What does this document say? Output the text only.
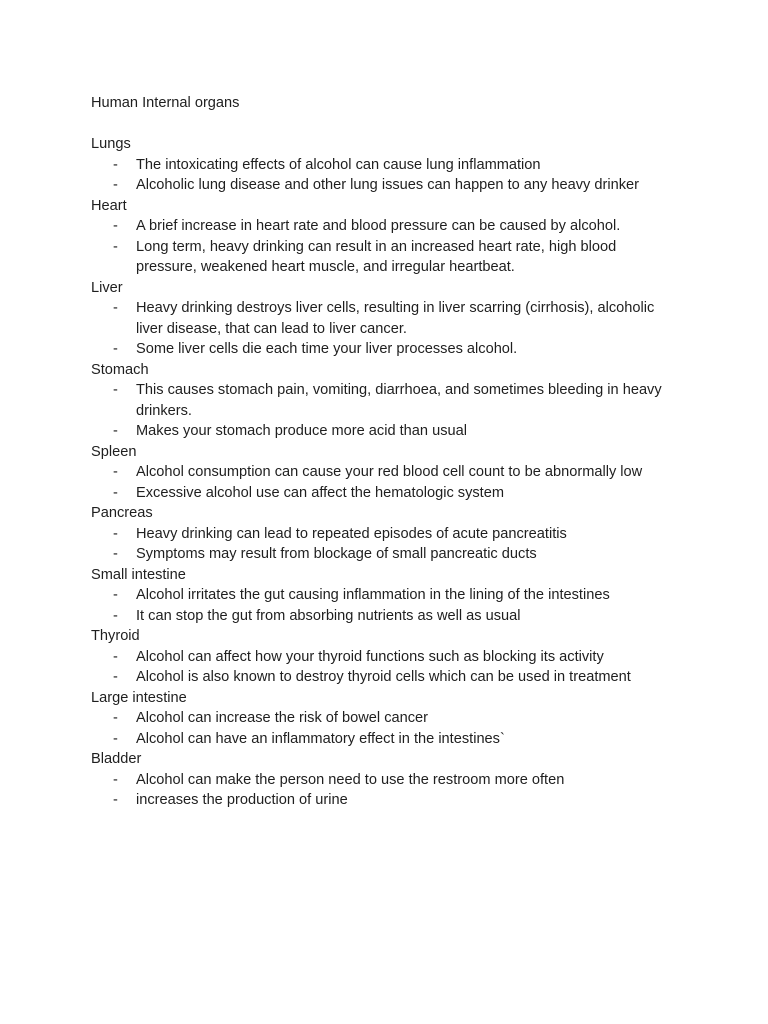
Human Internal organs
Lungs
- The intoxicating effects of alcohol can cause lung inflammation
- Alcoholic lung disease and other lung issues can happen to any heavy drinker
Heart
- A brief increase in heart rate and blood pressure can be caused by alcohol.
- Long term, heavy drinking can result in an increased heart rate, high blood pressure, weakened heart muscle, and irregular heartbeat.
Liver
- Heavy drinking destroys liver cells, resulting in liver scarring (cirrhosis), alcoholic liver disease, that can lead to liver cancer.
- Some liver cells die each time your liver processes alcohol.
Stomach
- This causes stomach pain, vomiting, diarrhoea, and sometimes bleeding in heavy drinkers.
- Makes your stomach produce more acid than usual
Spleen
- Alcohol consumption can cause your red blood cell count to be abnormally low
- Excessive alcohol use can affect the hematologic system
Pancreas
- Heavy drinking can lead to repeated episodes of acute pancreatitis
- Symptoms may result from blockage of small pancreatic ducts
Small intestine
- Alcohol irritates the gut causing inflammation in the lining of the intestines
- It can stop the gut from absorbing nutrients as well as usual
Thyroid
- Alcohol can affect how your thyroid functions such as blocking its activity
- Alcohol is also known to destroy thyroid cells which can be used in treatment
Large intestine
- Alcohol can increase the risk of bowel cancer
- Alcohol can have an inflammatory effect in the intestines`
Bladder
- Alcohol can make the person need to use the restroom more often
- increases the production of urine
